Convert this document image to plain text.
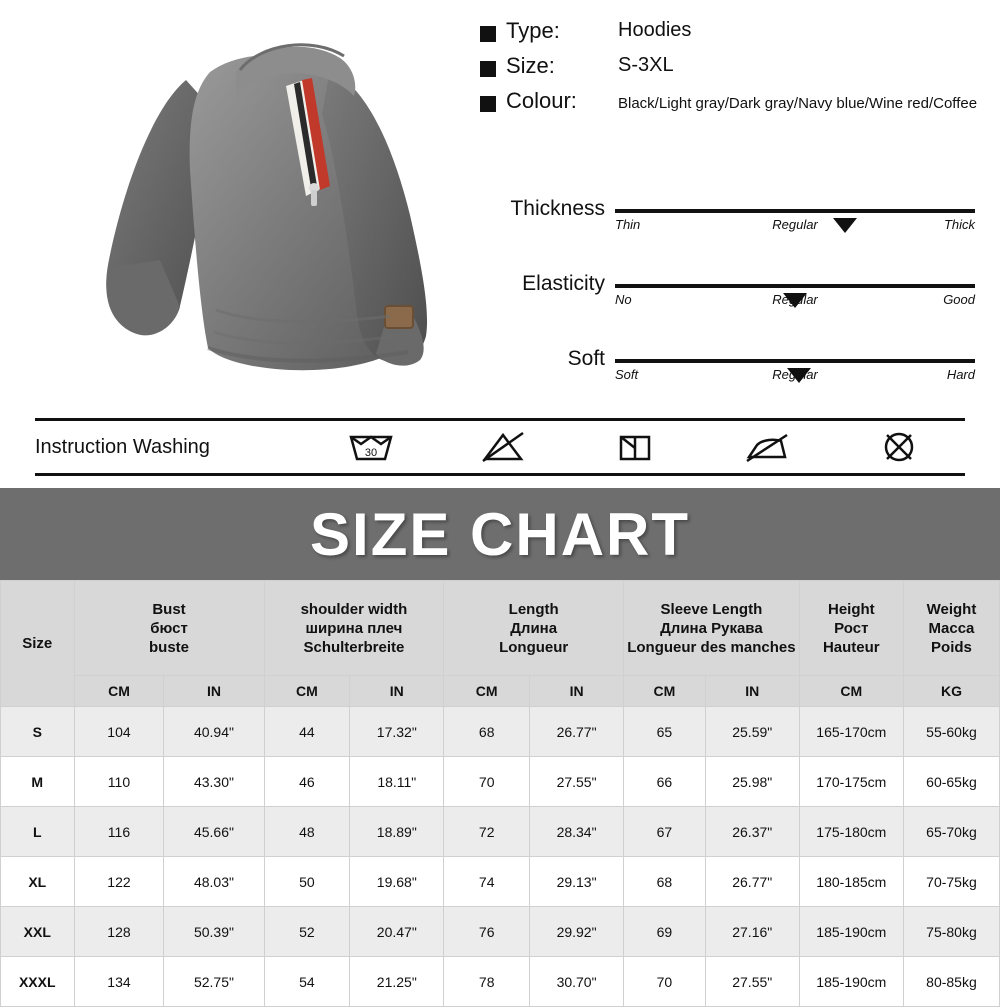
Type:	Hoodies
Size:	S-3XL
Colour:	Black/Light gray/Dark gray/Navy blue/Wine red/Coffee
Thickness
Thin	Regular	Thick
Elasticity
No	Regular	Good
Soft
Soft	Regular	Hard
Instruction Washing	30
SIZE CHART
Size	
Bust
бюст
buste

shoulder width
ширина плеч
Schulterbreite

Length
Длина
Longueur

Sleeve Length
Длина Рукава
Longueur des manches

Height
Рост
Hauteur

Weight
Macca
Poids

	CM	IN	CM	IN	CM	IN	CM	IN	CM	KG
S	104	40.94"	44	17.32"	68	26.77"	65	25.59"	165-170cm	55-60kg
M	110	43.30"	46	18.11"	70	27.55"	66	25.98"	170-175cm	60-65kg
L	116	45.66"	48	18.89"	72	28.34"	67	26.37"	175-180cm	65-70kg
XL	122	48.03"	50	19.68"	74	29.13"	68	26.77"	180-185cm	70-75kg
XXL	128	50.39"	52	20.47"	76	29.92"	69	27.16"	185-190cm	75-80kg
XXXL	134	52.75"	54	21.25"	78	30.70"	70	27.55"	185-190cm	80-85kg
